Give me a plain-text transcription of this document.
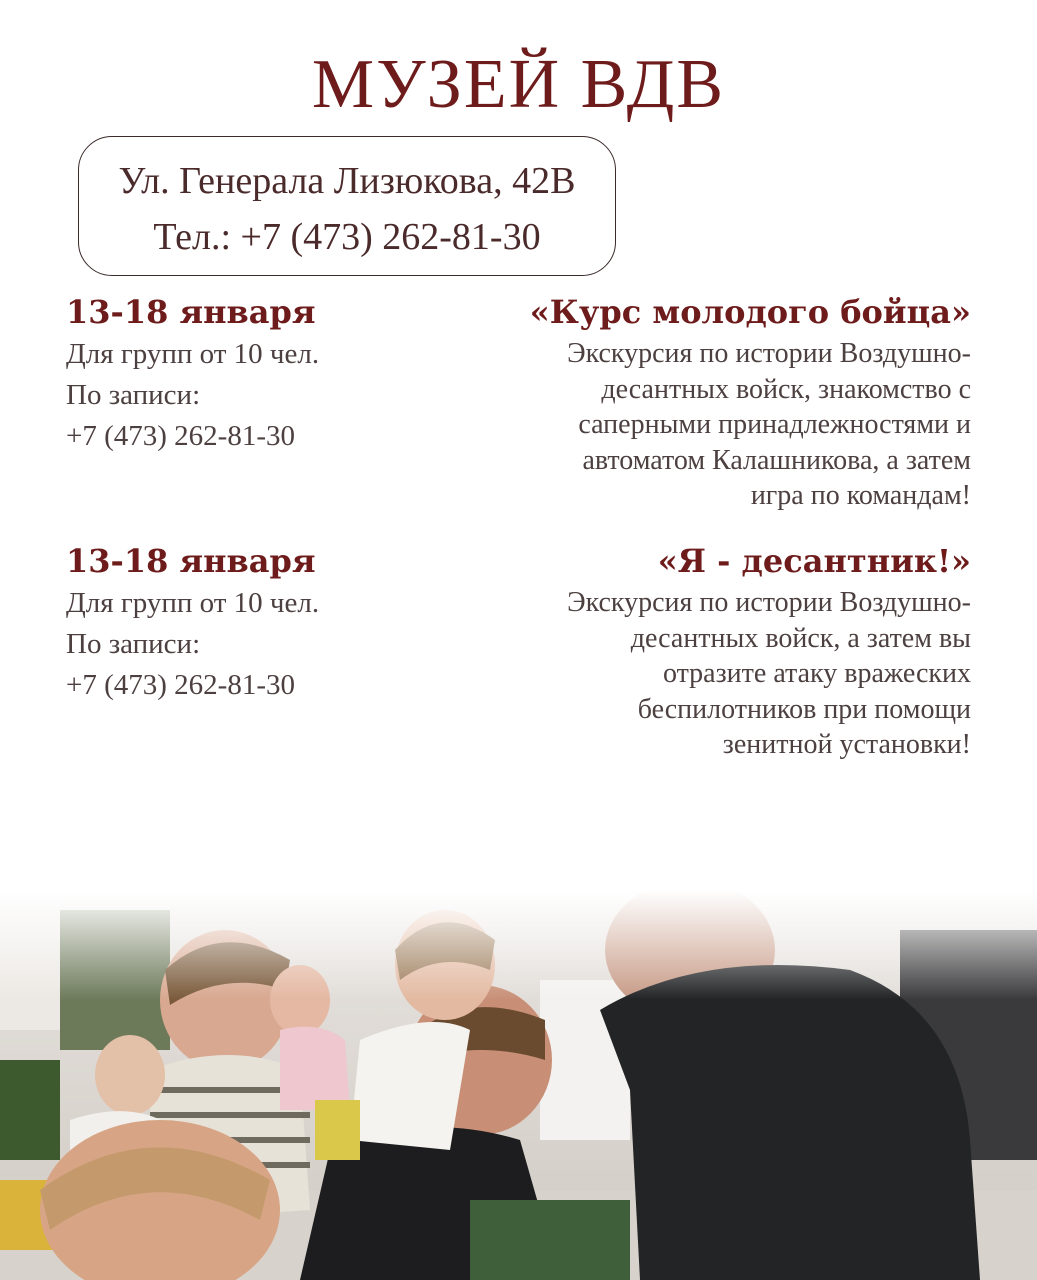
МУЗЕЙ ВДВ
Ул. Генерала Лизюкова, 42В
Тел.: +7 (473) 262-81-30
13-18 января
Для групп от 10 чел.
По записи:
+7 (473) 262-81-30
«Курс молодого бойца»
Экскурсия по истории Воздушно-
десантных войск, знакомство с
саперными принадлежностями и
автоматом Калашникова, а затем
игра по командам!
13-18 января
Для групп от 10 чел.
По записи:
+7 (473) 262-81-30
«Я - десантник!»
Экскурсия по истории Воздушно-
десантных войск, а затем вы
отразите атаку вражеских
беспилотников при помощи
зенитной установки!
